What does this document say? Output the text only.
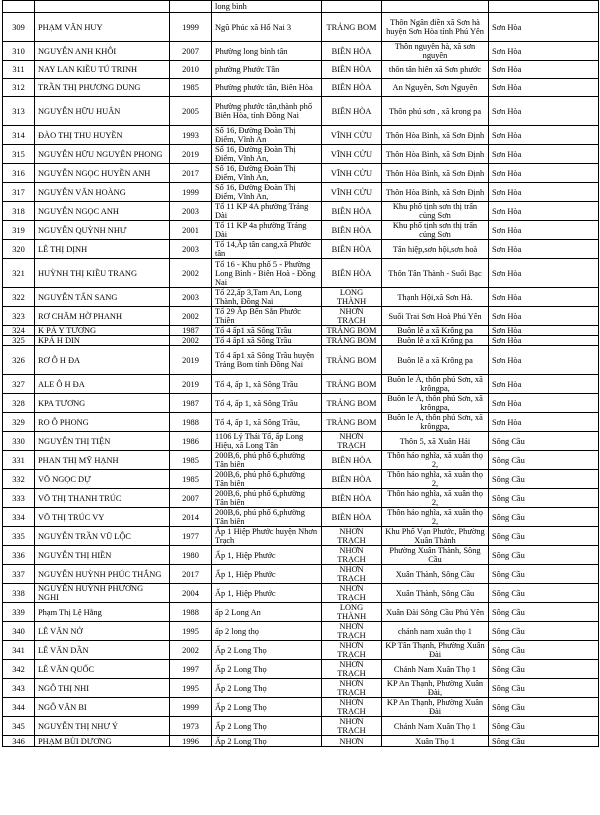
			long bình			
309	PHẠM VĂN HUY	1999	Ngũ Phúc xã Hố Nai 3	TRẢNG BOM	Thôn Ngân điền xã Sơn hà huyện Sơn Hòa tỉnh Phú Yên	Sơn Hòa
310	NGUYỄN ANH KHÔI	2007	Phường long bình tân	BIÊN HÒA	Thôn nguyên hà, xã sơn nguyên	Sơn Hòa
311	NAY LAN KIỀU TÚ TRINH	2010	phường Phước Tân	BIÊN HÒA	thôn tân hiên xã Sơn phước	Sơn Hòa
312	TRẦN THỊ PHƯƠNG DUNG	1985	Phường phước tân, Biên Hòa	BIÊN HÒA	An Nguyên, Sơn Nguyên	Sơn Hòa
313	NGUYỄN HỮU HUÂN	2005	Phường phước tân,thành phố Biên Hòa, tỉnh Đồng Nai	BIÊN HÒA	Thôn phú sơn , xã krong pa	Sơn Hòa
314	ĐÀO THỊ THU HUYỀN	1993	Số 16, Đường Đoàn Thị Điểm, Vĩnh An	VĨNH CỬU	Thôn Hòa Bình, xã Sơn Định	Sơn Hòa
315	NGUYỄN HỮU NGUYÊN PHONG	2019	Số 16, Đường Đoàn Thị Điểm, Vĩnh An,	VĨNH CỬU	Thôn Hòa Bình, xã Sơn Định	Sơn Hòa
316	NGUYỄN NGỌC HUYỀN ANH	2017	Số 16, Đường Đoàn Thị Điểm, Vĩnh An,	VĨNH CỬU	Thôn Hòa Bình, xã Sơn Định	Sơn Hòa
317	NGUYỄN VĂN HOÀNG	1999	Số 16, Đường Đoàn Thị Điểm, Vĩnh An,	VĨNH CỬU	Thôn Hòa Bình, xã Sơn Định	Sơn Hòa
318	NGUYỄN NGỌC ANH	2003	Tổ 11 KP 4A phường Trảng Dài	BIÊN HÒA	Khu phố tịnh sơn thị trấn củng Sơn	Sơn Hòa
319	NGUYỄN QUỲNH NHƯ	2001	Tổ 11 KP 4a phường Trảng Dài	BIÊN HÒA	Khu phố tịnh sơn thị trấn củng Sơn	Sơn Hòa
320	LÊ THỊ DỊNH	2003	Tổ 14,Ấp tân cang,xã Phước tân	BIÊN HÒA	Tân hiệp,sơn hội,sơn hoà	Sơn Hòa
321	HUỲNH THỊ KIỀU TRANG	2002	Tổ 16 - Khu phố 5 - Phường Long Bình - Biên Hoà - Đồng Nai	BIÊN HÒA	Thôn Tân Thành - Suối Bạc	Sơn Hòa
322	NGUYỄN TẤN SANG	2003	Tổ 22,ấp 3,Tam An, Long Thành, Đồng Nai	LONG THÀNH	Thạnh Hội,xã Sơn Hà.	Sơn Hòa
323	RƠ CHĂM HỜ PHANH	2002	Tổ 29 Ấp Bến Sắn Phước Thiền	NHƠN TRẠCH	Suối Trai Sơn Hoà Phú Yên	Sơn Hòa
324	K PẢ Y TƯƠNG	1987	Tổ 4 ấp1 xã Sông Trầu	TRẢNG BOM	Buôn lê a xã Krông pa	Sơn Hòa
325	KPẢ H DIN	2002	Tổ 4 ấp1 xã Sông Trầu	TRẢNG BOM	Buôn lê a xã Krông pa	Sơn Hòa
326	RƠ Ô H ĐA	2019	Tổ 4 ấp1 xã Sông Trầu huyện Trảng Bom tỉnh Đồng Nai	TRẢNG BOM	Buôn lê a xã Krông pa	Sơn Hòa
327	ALE Ô H ĐA	2019	Tổ 4, ấp 1, xã Sông Trầu	TRẢNG BOM	Buôn le À, thôn phú Sơn, xã krôngpa,	Sơn Hòa
328	KPA TƯƠNG	1987	Tổ 4, ấp 1, xã Sông Trầu	TRẢNG BOM	Buôn le À, thôn phú Sơn, xã krôngpa,	Sơn Hòa
329	RO Ô PHONG	1988	Tổ 4, ấp 1, xã Sông Trầu,	TRẢNG BOM	Buôn le À, thôn phú Sơn, xã krôngpa,	Sơn Hòa
330	NGUYỄN THỊ TIỆN	1986	1106 Lý Thái Tổ, ấp Long Hiệu, xã Long Tân	NHƠN TRẠCH	Thôn 5, xã Xuân Hải	Sông Cầu
331	PHAN THỊ MỸ HẠNH	1985	200B,6, phú phố 6,phường Tân biên	BIÊN HÒA	Thôn hảo nghĩa, xã xuân thọ 2,	Sông Cầu
332	VÕ NGỌC DỰ	1985	200B,6, phú phố 6,phường Tân biên	BIÊN HÒA	Thôn hảo nghĩa, xã xuân thọ 2,	Sông Cầu
333	VÕ THỊ THANH TRÚC	2007	200B,6, phú phố 6,phường Tân biên	BIÊN HÒA	Thôn hảo nghĩa, xã xuân thọ 2,	Sông Cầu
334	VÕ THỊ TRÚC VY	2014	200B,6, phú phố 6,phường Tân biên	BIÊN HÒA	Thôn hảo nghĩa, xã xuân thọ 2,	Sông Cầu
335	NGUYỄN TRẦN VŨ LỘC	1977	Ấp 1 Hiệp Phước huyện Nhơn Trạch	NHƠN TRẠCH	Khu Phố Vạn Phước, Phường Xuân Thành	Sông Cầu
336	NGUYỄN THỊ HIỀN	1980	Ấp 1, Hiệp Phước	NHƠN TRẠCH	Phường Xuân Thành, Sông Cầu	Sông Cầu
337	NGUYỄN HUỲNH PHÚC THẮNG	2017	Ấp 1, Hiệp Phước	NHƠN TRẠCH	Xuân Thành, Sông Cầu	Sông Cầu
338	NGUYỄN HUỲNH PHƯƠNG NGHI	2004	Ấp 1, Hiệp Phước	NHƠN TRẠCH	Xuân Thành, Sông Cầu	Sông Cầu
339	Phạm Thị Lệ Hằng	1988	ấp 2 Long An	LONG THÀNH	Xuân Đài Sông Cầu Phú Yên	Sông Cầu
340	LÊ VĂN NỞ	1995	ấp 2 long thọ	NHƠN TRẠCH	chánh nam xuân thọ 1	Sông Cầu
341	LÊ VĂN DẦN	2002	Ấp 2 Long Thọ	NHƠN TRẠCH	KP Tân Thạnh, Phường Xuân Đài	Sông Cầu
342	LÊ VĂN QUỐC	1997	Ấp 2 Long Thọ	NHƠN TRẠCH	Chánh Nam Xuân Thọ 1	Sông Cầu
343	NGÔ THỊ NHI	1995	Ấp 2 Long Thọ	NHƠN TRẠCH	KP An Thạnh, Phường Xuân Đài,	Sông Cầu
344	NGÔ VĂN BI	1999	Ấp 2 Long Thọ	NHƠN TRẠCH	KP An Thạnh, Phường Xuân Đài	Sông Cầu
345	NGUYỄN THỊ NHƯ Ý	1973	Ấp 2 Long Thọ	NHƠN TRẠCH	Chánh Nam Xuân Thọ 1	Sông Cầu
346	PHẠM BÙI DƯƠNG	1996	Ấp 2 Long Thọ	NHƠN	Xuân Thọ 1	Sông Cầu
